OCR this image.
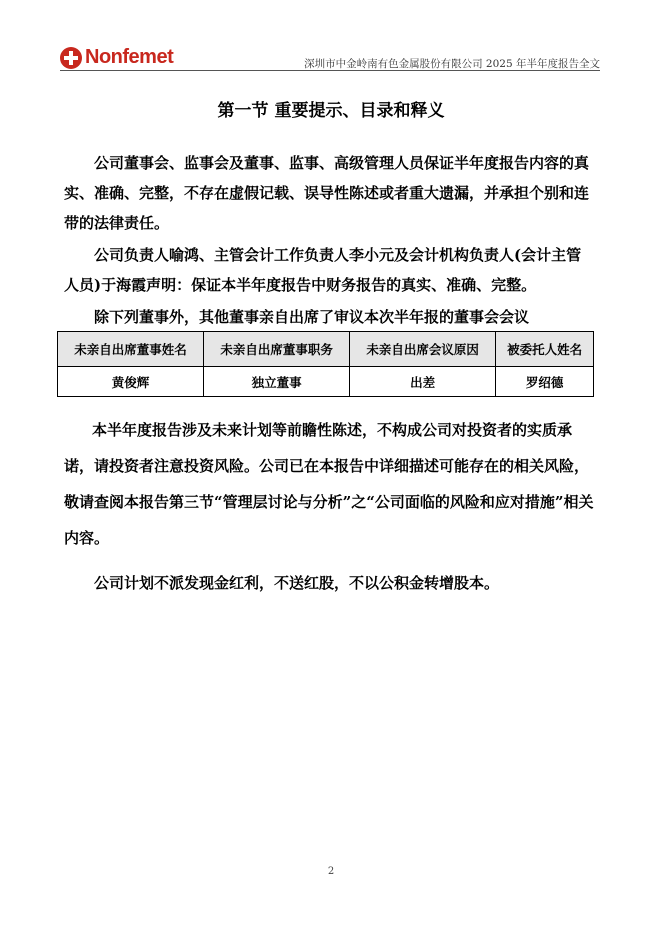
Nonfemet	深圳市中金岭南有色金属股份有限公司 2025 年半年度报告全文
第一节 重要提示、目录和释义

公司董事会、监事会及董事、监事、高级管理人员保证半年度报告内容的真实、准确、完整，不存在虚假记载、误导性陈述或者重大遗漏，并承担个别和连带的法律责任。

公司负责人喻鸿、主管会计工作负责人李小元及会计机构负责人(会计主管人员)于海霞声明：保证本半年度报告中财务报告的真实、准确、完整。

除下列董事外，其他董事亲自出席了审议本次半年报的董事会会议

未亲自出席董事姓名	未亲自出席董事职务	未亲自出席会议原因	被委托人姓名
黄俊辉	独立董事	出差	罗绍德

本半年度报告涉及未来计划等前瞻性陈述，不构成公司对投资者的实质承诺，请投资者注意投资风险。公司已在本报告中详细描述可能存在的相关风险，敬请查阅本报告第三节“管理层讨论与分析”之“公司面临的风险和应对措施”相关内容。

公司计划不派发现金红利，不送红股，不以公积金转增股本。

2
